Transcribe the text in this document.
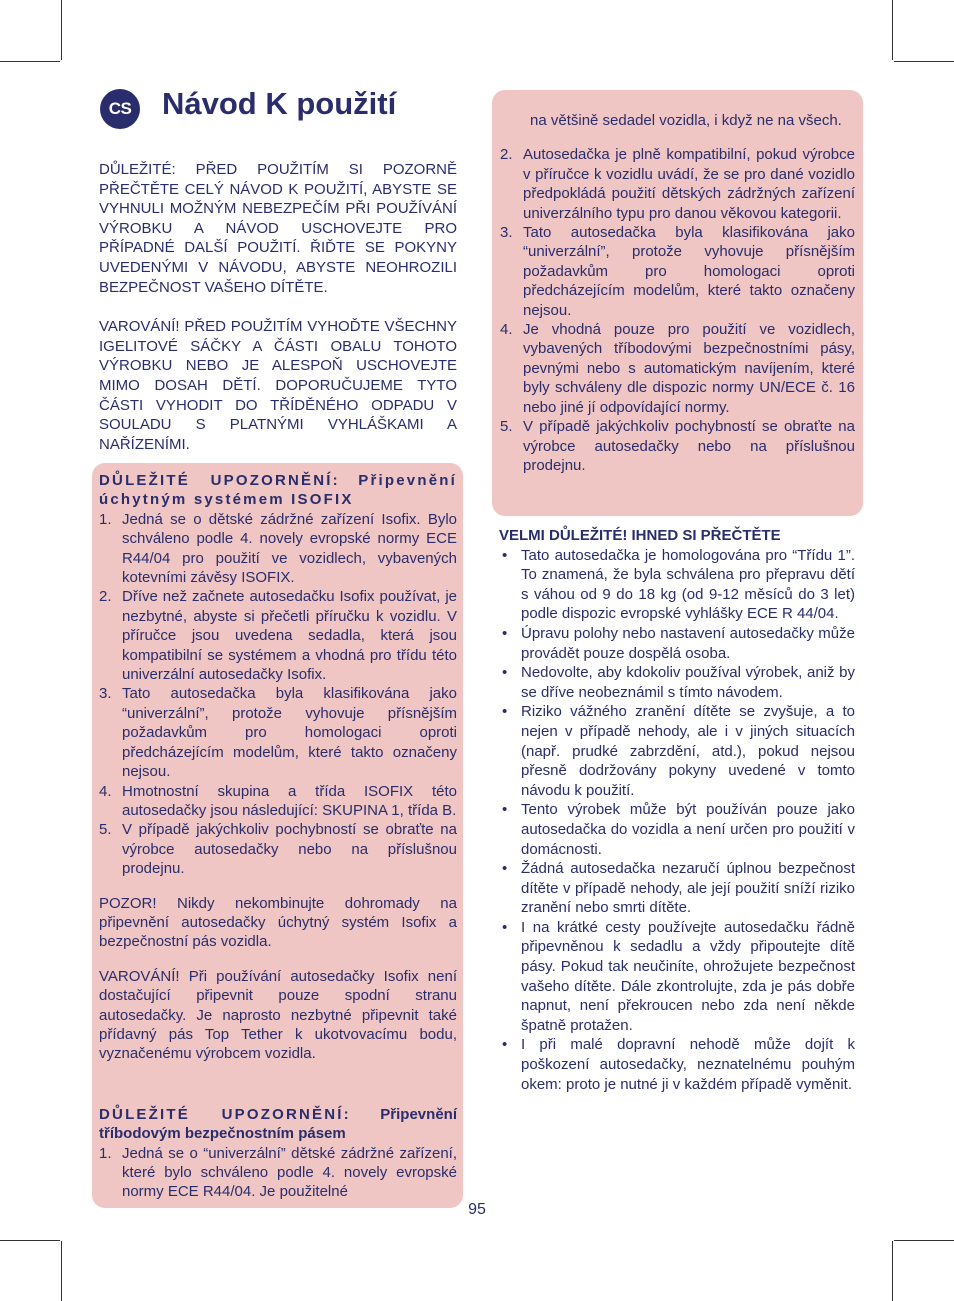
CS Návod K použití

DŮLEŽITÉ: PŘED POUŽITÍM SI POZORNĚ PŘEČTĚTE CELÝ NÁVOD K POUŽITÍ, ABYSTE SE VYHNULI MOŽNÝM NEBEZPEČÍM PŘI POUŽÍVÁNÍ VÝROBKU A NÁVOD USCHOVEJTE PRO PŘÍPADNÉ DALŠÍ POUŽITÍ. ŘIĎTE SE POKYNY UVEDENÝMI V NÁVODU, ABYSTE NEOHROZILI BEZPEČNOST VAŠEHO DÍTĚTE.

VAROVÁNÍ! PŘED POUŽITÍM VYHOĎTE VŠECHNY IGELITOVÉ SÁČKY A ČÁSTI OBALU TOHOTO VÝROBKU NEBO JE ALESPOŇ USCHOVEJTE MIMO DOSAH DĚTÍ. DOPORUČUJEME TYTO ČÁSTI VYHODIT DO TŘÍDĚNÉHO ODPADU V SOULADU S PLATNÝMI VYHLÁŠKAMI A NAŘÍZENÍMI.

DŮLEŽITÉ UPOZORNĚNÍ: Připevnění úchytným systémem ISOFIX

1. Jedná se o dětské zádržné zařízení Isofix. Bylo schváleno podle 4. novely evropské normy ECE R44/04 pro použití ve vozidlech, vybavených kotevními závěsy ISOFIX.
2. Dříve než začnete autosedačku Isofix používat, je nezbytné, abyste si přečetli příručku k vozidlu. V příručce jsou uvedena sedadla, která jsou kompatibilní se systémem a vhodná pro třídu této univerzální autosedačky Isofix.
3. Tato autosedačka byla klasifikována jako “univerzální”, protože vyhovuje přísnějším požadavkům pro homologaci oproti předcházejícím modelům, které takto označeny nejsou.
4. Hmotnostní skupina a třída ISOFIX této autosedačky jsou následující: SKUPINA 1, třída B.
5. V případě jakýchkoliv pochybností se obraťte na výrobce autosedačky nebo na příslušnou prodejnu.

POZOR! Nikdy nekombinujte dohromady na připevnění autosedačky úchytný systém Isofix a bezpečnostní pás vozidla.

VAROVÁNÍ! Při používání autosedačky Isofix není dostačující připevnit pouze spodní stranu autosedačky. Je naprosto nezbytné připevnit také přídavný pás Top Tether k ukotvovacímu bodu, vyznačenému výrobcem vozidla.

DŮLEŽITÉ UPOZORNĚNÍ: Připevnění tříbodovým bezpečnostním pásem

1. Jedná se o “univerzální” dětské zádržné zařízení, které bylo schváleno podle 4. novely evropské normy ECE R44/04. Je použitelné

na většině sedadel vozidla, i když ne na všech.

2. Autosedačka je plně kompatibilní, pokud výrobce v příručce k vozidlu uvádí, že se pro dané vozidlo předpokládá použití dětských zádržných zařízení univerzálního typu pro danou věkovou kategorii.
3. Tato autosedačka byla klasifikována jako “univerzální”, protože vyhovuje přísnějším požadavkům pro homologaci oproti předcházejícím modelům, které takto označeny nejsou.
4. Je vhodná pouze pro použití ve vozidlech, vybavených tříbodovými bezpečnostními pásy, pevnými nebo s automatickým navíjením, které byly schváleny dle dispozic normy UN/ECE č. 16 nebo jiné jí odpovídající normy.
5. V případě jakýchkoliv pochybností se obraťte na výrobce autosedačky nebo na příslušnou prodejnu.

VELMI DŮLEŽITÉ! IHNED SI PŘEČTĚTE

• Tato autosedačka je homologována pro “Třídu 1”. To znamená, že byla schválena pro přepravu dětí s váhou od 9 do 18 kg (od 9-12 měsíců do 3 let) podle dispozic evropské vyhlášky ECE R 44/04.
• Úpravu polohy nebo nastavení autosedačky může provádět pouze dospělá osoba.
• Nedovolte, aby kdokoliv používal výrobek, aniž by se dříve neobeznámil s tímto návodem.
• Riziko vážného zranění dítěte se zvyšuje, a to nejen v případě nehody, ale i v jiných situacích (např. prudké zabrzdění, atd.), pokud nejsou přesně dodržovány pokyny uvedené v tomto návodu k použití.
• Tento výrobek může být používán pouze jako autosedačka do vozidla a není určen pro použití v domácnosti.
• Žádná autosedačka nezaručí úplnou bezpečnost dítěte v případě nehody, ale její použití sníží riziko zranění nebo smrti dítěte.
• I na krátké cesty používejte autosedačku řádně připevněnou k sedadlu a vždy připoutejte dítě pásy. Pokud tak neučiníte, ohrožujete bezpečnost vašeho dítěte. Dále zkontrolujte, zda je pás dobře napnut, není překroucen nebo zda není někde špatně protažen.
• I při malé dopravní nehodě může dojít k poškození autosedačky, neznatelnému pouhým okem: proto je nutné ji v každém případě vyměnit.
95
